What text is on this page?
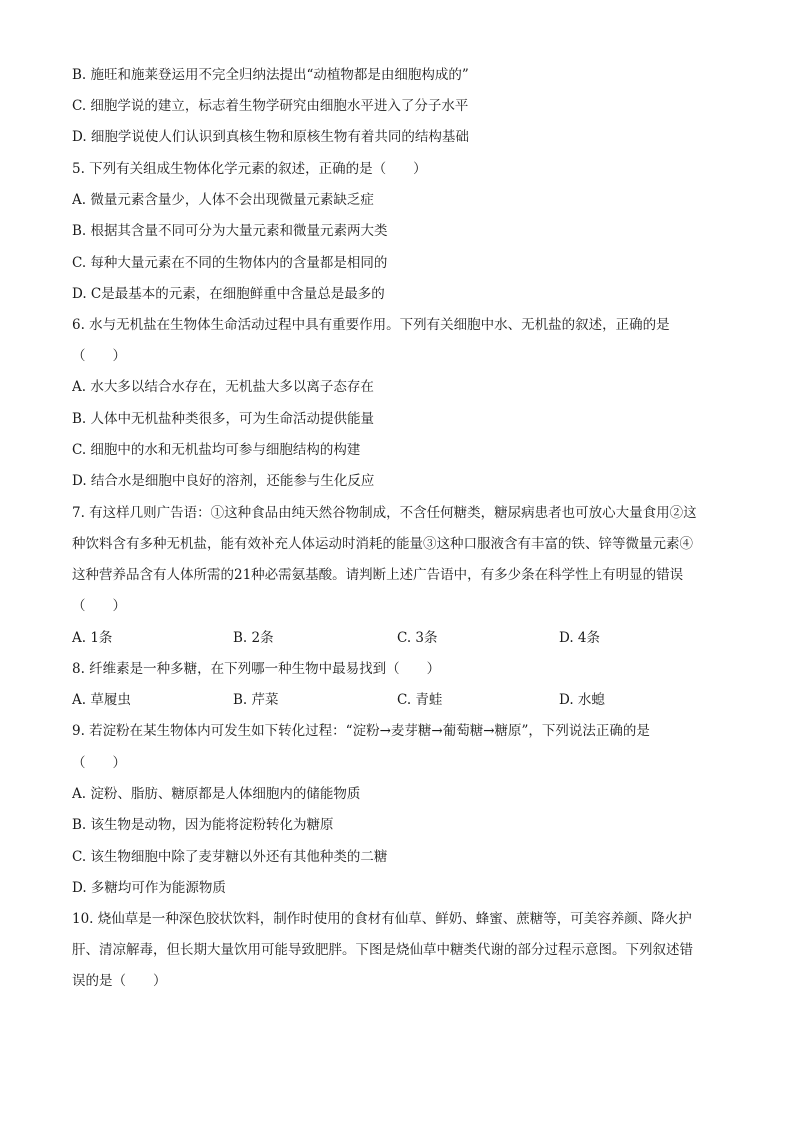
B. 施旺和施莱登运用不完全归纳法提出“动植物都是由细胞构成的”
C. 细胞学说的建立，标志着生物学研究由细胞水平进入了分子水平
D. 细胞学说使人们认识到真核生物和原核生物有着共同的结构基础
5. 下列有关组成生物体化学元素的叙述，正确的是（　　）
A. 微量元素含量少，人体不会出现微量元素缺乏症
B. 根据其含量不同可分为大量元素和微量元素两大类
C. 每种大量元素在不同的生物体内的含量都是相同的
D. C是最基本的元素，在细胞鲜重中含量总是最多的
6. 水与无机盐在生物体生命活动过程中具有重要作用。下列有关细胞中水、无机盐的叙述，正确的是
（　　）
A. 水大多以结合水存在，无机盐大多以离子态存在
B. 人体中无机盐种类很多，可为生命活动提供能量
C. 细胞中的水和无机盐均可参与细胞结构的构建
D. 结合水是细胞中良好的溶剂，还能参与生化反应
7. 有这样几则广告语：①这种食品由纯天然谷物制成，不含任何糖类，糖尿病患者也可放心大量食用②这
种饮料含有多种无机盐，能有效补充人体运动时消耗的能量③这种口服液含有丰富的铁、锌等微量元素④
这种营养品含有人体所需的21种必需氨基酸。请判断上述广告语中，有多少条在科学性上有明显的错误
（　　）
A. 1条	B. 2条	C. 3条	D. 4条
8. 纤维素是一种多糖，在下列哪一种生物中最易找到（　　）
A. 草履虫	B. 芹菜	C. 青蛙	D. 水螅
9. 若淀粉在某生物体内可发生如下转化过程：“淀粉→麦芽糖→葡萄糖→糖原”，下列说法正确的是
（　　）
A. 淀粉、脂肪、糖原都是人体细胞内的储能物质
B. 该生物是动物，因为能将淀粉转化为糖原
C. 该生物细胞中除了麦芽糖以外还有其他种类的二糖
D. 多糖均可作为能源物质
10. 烧仙草是一种深色胶状饮料，制作时使用的食材有仙草、鲜奶、蜂蜜、蔗糖等，可美容养颜、降火护
肝、清凉解毒，但长期大量饮用可能导致肥胖。下图是烧仙草中糖类代谢的部分过程示意图。下列叙述错
误的是（　　）
